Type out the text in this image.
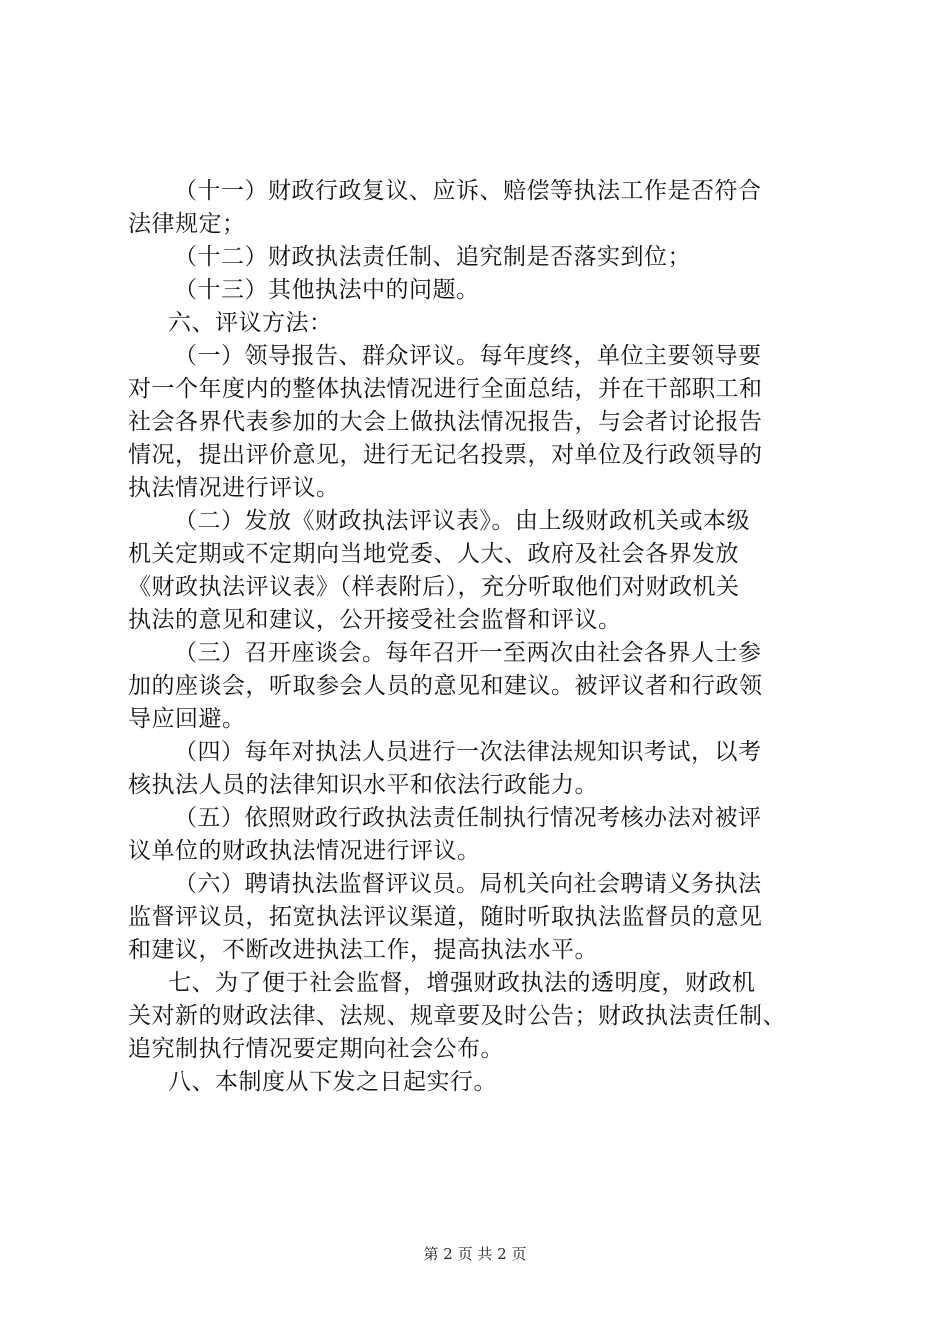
（十一）财政行政复议、应诉、赔偿等执法工作是否符合
法律规定；
（十二）财政执法责任制、追究制是否落实到位；
（十三）其他执法中的问题。
六、评议方法：
（一）领导报告、群众评议。每年度终，单位主要领导要
对一个年度内的整体执法情况进行全面总结，并在干部职工和
社会各界代表参加的大会上做执法情况报告，与会者讨论报告
情况，提出评价意见，进行无记名投票，对单位及行政领导的
执法情况进行评议。
（二）发放《财政执法评议表》。由上级财政机关或本级
机关定期或不定期向当地党委、人大、政府及社会各界发放
《财政执法评议表》（样表附后），充分听取他们对财政机关
执法的意见和建议，公开接受社会监督和评议。
（三）召开座谈会。每年召开一至两次由社会各界人士参
加的座谈会，听取参会人员的意见和建议。被评议者和行政领
导应回避。
（四）每年对执法人员进行一次法律法规知识考试，以考
核执法人员的法律知识水平和依法行政能力。
（五）依照财政行政执法责任制执行情况考核办法对被评
议单位的财政执法情况进行评议。
（六）聘请执法监督评议员。局机关向社会聘请义务执法
监督评议员，拓宽执法评议渠道，随时听取执法监督员的意见
和建议，不断改进执法工作，提高执法水平。
七、为了便于社会监督，增强财政执法的透明度，财政机
关对新的财政法律、法规、规章要及时公告；财政执法责任制、
追究制执行情况要定期向社会公布。
八、本制度从下发之日起实行。
第 2 页 共 2 页
